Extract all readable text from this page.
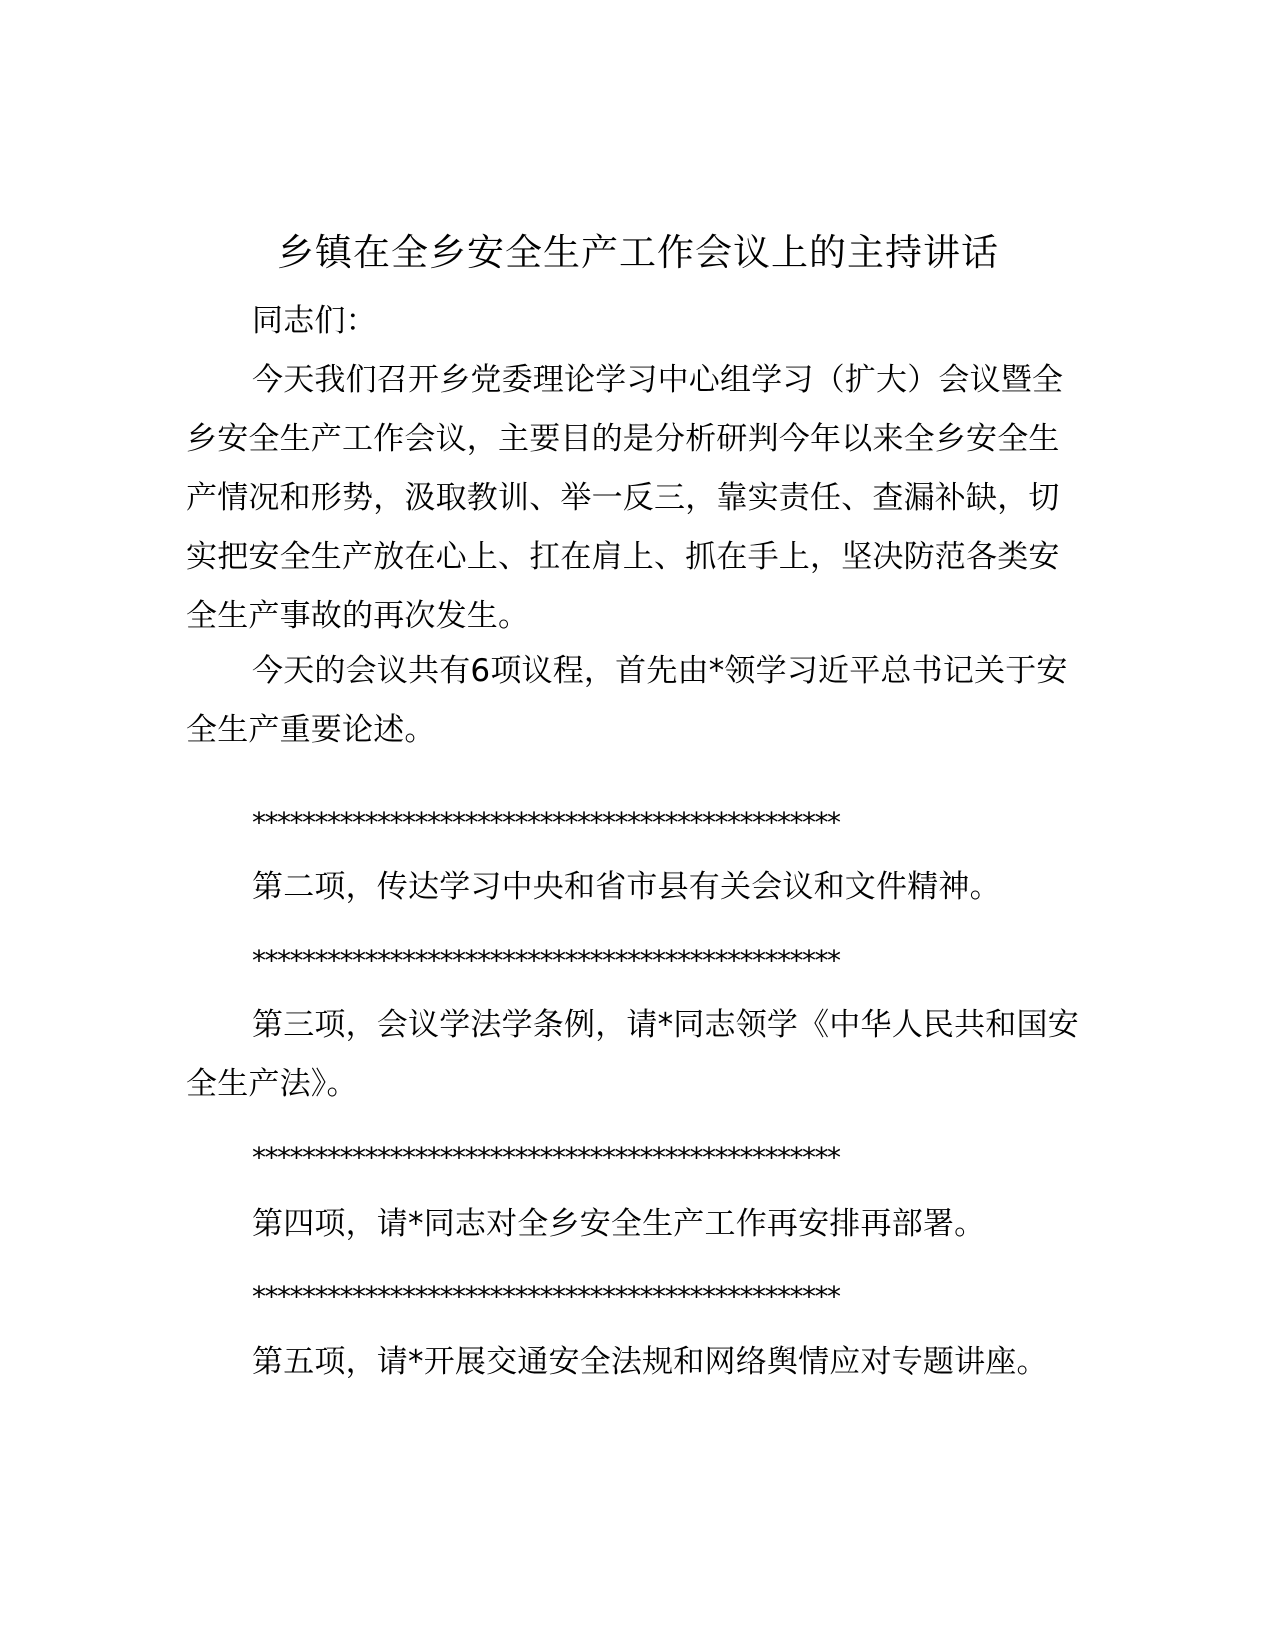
乡镇在全乡安全生产工作会议上的主持讲话

同志们：

今天我们召开乡党委理论学习中心组学习（扩大）会议暨全乡安全生产工作会议，主要目的是分析研判今年以来全乡安全生产情况和形势，汲取教训、举一反三，靠实责任、查漏补缺，切实把安全生产放在心上、扛在肩上、抓在手上，坚决防范各类安全生产事故的再次发生。

今天的会议共有6项议程，首先由*领学习近平总书记关于安全生产重要论述。

***********************************************

第二项，传达学习中央和省市县有关会议和文件精神。

***********************************************

第三项，会议学法学条例，请*同志领学《中华人民共和国安全生产法》。

***********************************************

第四项，请*同志对全乡安全生产工作再安排再部署。

***********************************************

第五项，请*开展交通安全法规和网络舆情应对专题讲座。
